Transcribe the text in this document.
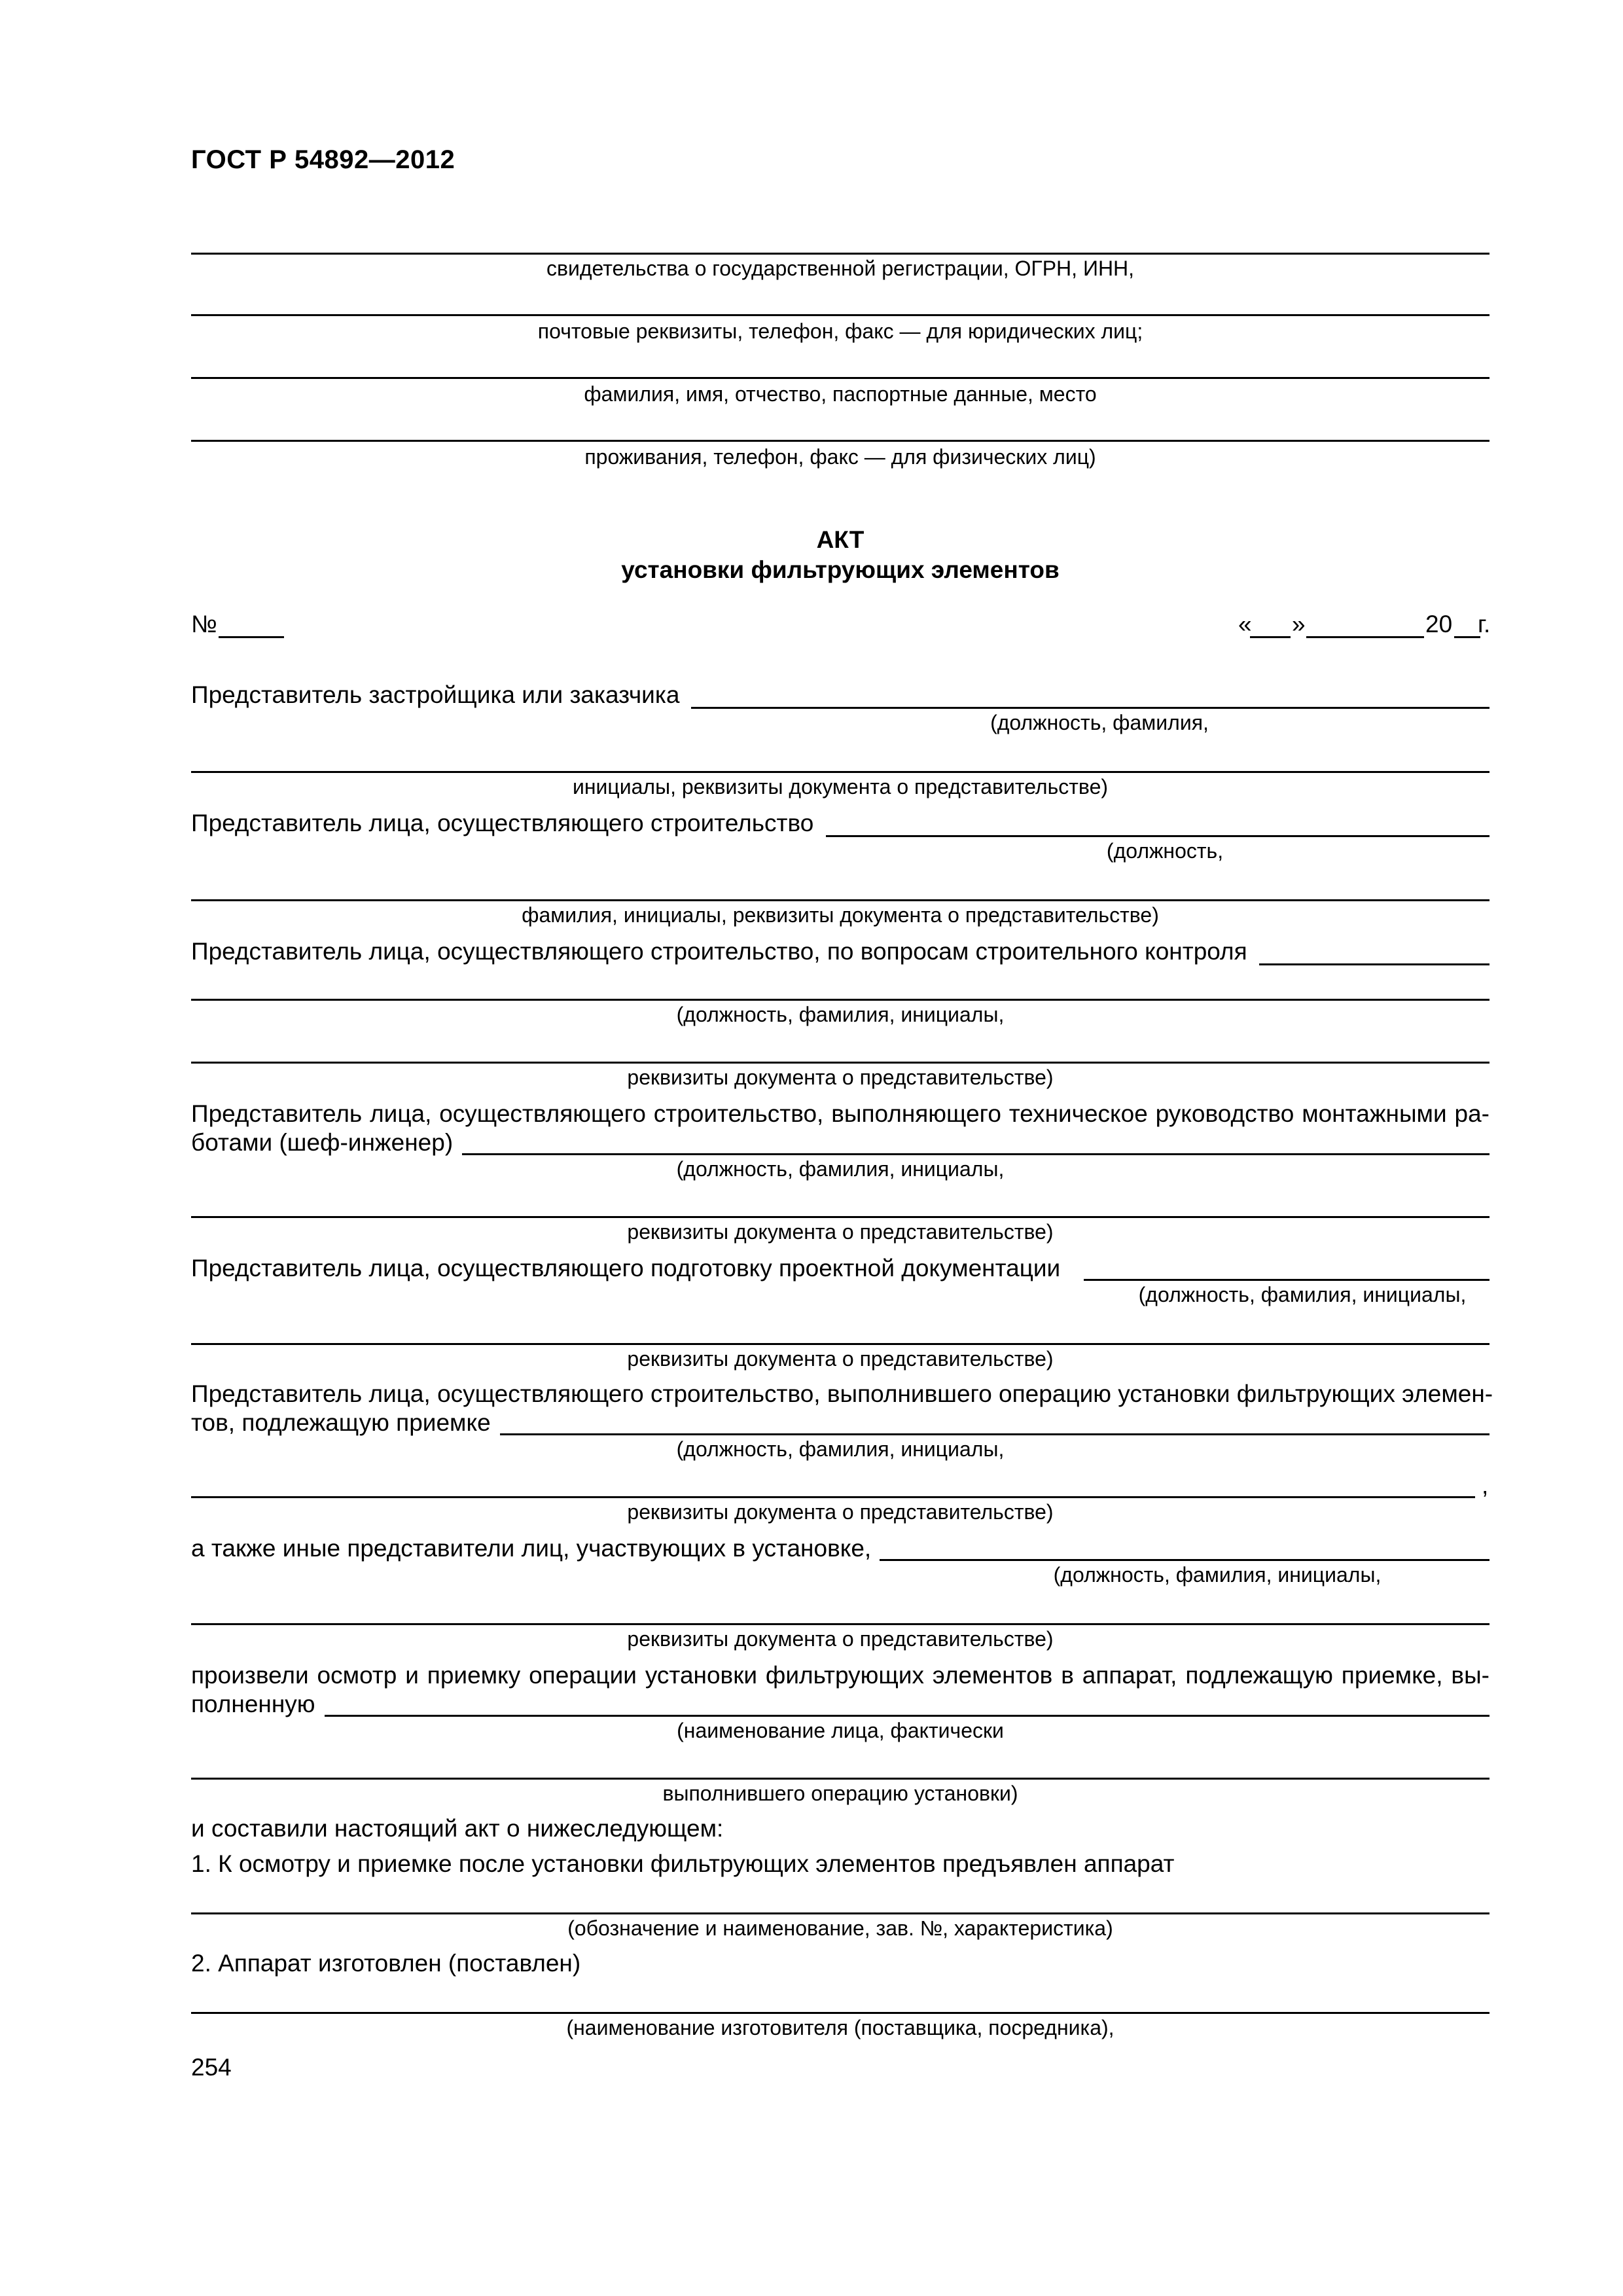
ГОСТ Р 54892—2012
свидетельства о государственной регистрации, ОГРН, ИНН,
почтовые реквизиты, телефон, факс — для юридических лиц;
фамилия, имя, отчество, паспортные данные, место
проживания, телефон, факс — для физических лиц)
АКТ
установки фильтрующих элементов
№	« »	20 г.
Представитель застройщика или заказчика
(должность, фамилия,
инициалы, реквизиты документа о представительстве)
Представитель лица, осуществляющего строительство
(должность,
фамилия, инициалы, реквизиты документа о представительстве)
Представитель лица, осуществляющего строительство, по вопросам строительного контроля
(должность, фамилия, инициалы,
реквизиты документа о представительстве)
Представитель лица, осуществляющего строительство, выполняющего техническое руководство монтажными ра-
ботами (шеф-инженер)
(должность, фамилия, инициалы,
реквизиты документа о представительстве)
Представитель лица, осуществляющего подготовку проектной документации
(должность, фамилия, инициалы,
реквизиты документа о представительстве)
Представитель лица, осуществляющего строительство, выполнившего операцию установки фильтрующих элемен-
тов, подлежащую приемке
(должность, фамилия, инициалы,
,
реквизиты документа о представительстве)
а также иные представители лиц, участвующих в установке,
(должность, фамилия, инициалы,
реквизиты документа о представительстве)
произвели осмотр и приемку операции установки фильтрующих элементов в аппарат, подлежащую приемке, вы-
полненную
(наименование лица, фактически
выполнившего операцию установки)
и составили настоящий акт о нижеследующем:
1. К осмотру и приемке после установки фильтрующих элементов предъявлен аппарат
(обозначение и наименование, зав. №, характеристика)
2. Аппарат изготовлен (поставлен)
(наименование изготовителя (поставщика, посредника),
254
